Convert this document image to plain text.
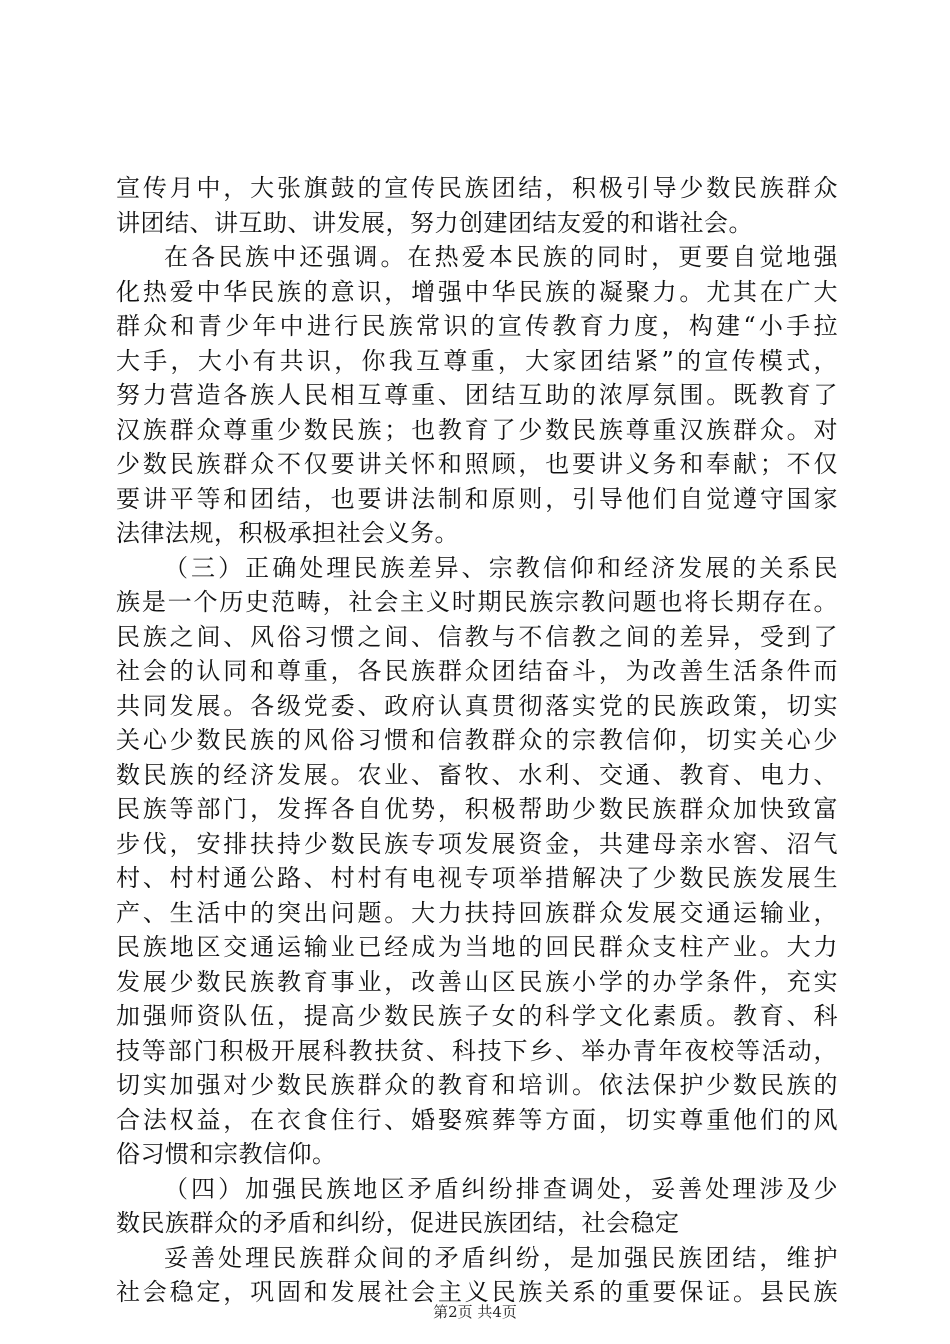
宣传月中，大张旗鼓的宣传民族团结，积极引导少数民族群众
讲团结、讲互助、讲发展，努力创建团结友爱的和谐社会。
在各民族中还强调。在热爱本民族的同时，更要自觉地强
化热爱中华民族的意识，增强中华民族的凝聚力。尤其在广大
群众和青少年中进行民族常识的宣传教育力度，构建“小手拉
大手，大小有共识，你我互尊重，大家团结紧”的宣传模式，
努力营造各族人民相互尊重、团结互助的浓厚氛围。既教育了
汉族群众尊重少数民族；也教育了少数民族尊重汉族群众。对
少数民族群众不仅要讲关怀和照顾，也要讲义务和奉献；不仅
要讲平等和团结，也要讲法制和原则，引导他们自觉遵守国家
法律法规，积极承担社会义务。
（三）正确处理民族差异、宗教信仰和经济发展的关系民
族是一个历史范畴，社会主义时期民族宗教问题也将长期存在。
民族之间、风俗习惯之间、信教与不信教之间的差异，受到了
社会的认同和尊重，各民族群众团结奋斗，为改善生活条件而
共同发展。各级党委、政府认真贯彻落实党的民族政策，切实
关心少数民族的风俗习惯和信教群众的宗教信仰，切实关心少
数民族的经济发展。农业、畜牧、水利、交通、教育、电力、
民族等部门，发挥各自优势，积极帮助少数民族群众加快致富
步伐，安排扶持少数民族专项发展资金，共建母亲水窖、沼气
村、村村通公路、村村有电视专项举措解决了少数民族发展生
产、生活中的突出问题。大力扶持回族群众发展交通运输业，
民族地区交通运输业已经成为当地的回民群众支柱产业。大力
发展少数民族教育事业，改善山区民族小学的办学条件，充实
加强师资队伍，提高少数民族子女的科学文化素质。教育、科
技等部门积极开展科教扶贫、科技下乡、举办青年夜校等活动，
切实加强对少数民族群众的教育和培训。依法保护少数民族的
合法权益，在衣食住行、婚娶殡葬等方面，切实尊重他们的风
俗习惯和宗教信仰。
（四）加强民族地区矛盾纠纷排查调处，妥善处理涉及少
数民族群众的矛盾和纠纷，促进民族团结，社会稳定
妥善处理民族群众间的矛盾纠纷，是加强民族团结，维护
社会稳定，巩固和发展社会主义民族关系的重要保证。县民族
第2页 共4页
